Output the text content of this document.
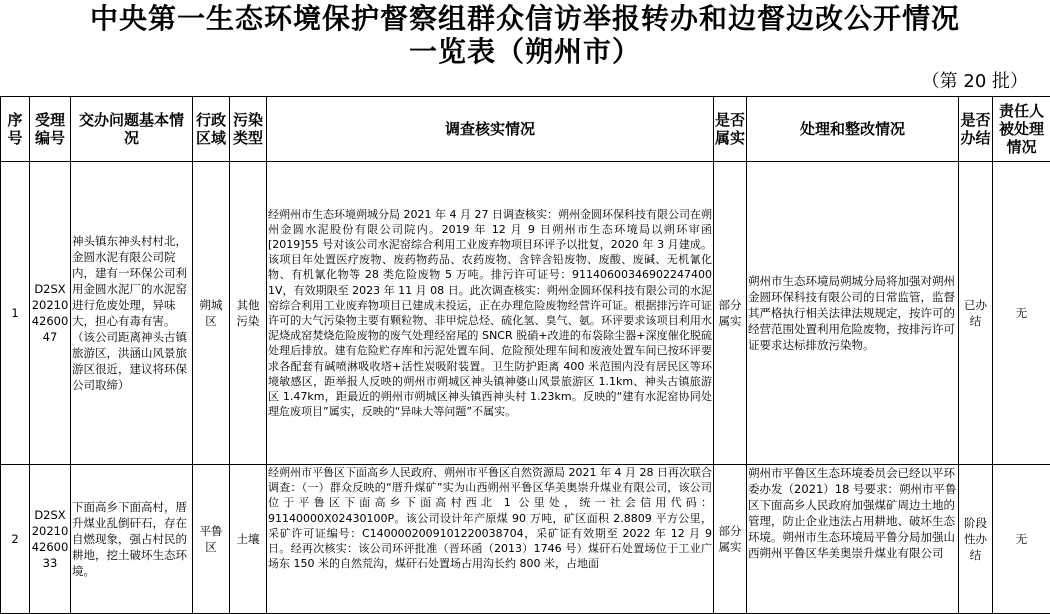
中央第一生态环境保护督察组群众信访举报转办和边督边改公开情况
一览表（朔州市）
（第 20 批）
序号	受理编号	交办问题基本情况	行政区域	污染类型	调查核实情况	是否属实	处理和整改情况	是否办结	责任人被处理情况
1	D2SX202104260047	神头镇东神头村村北，金圆水泥有限公司院内，建有一环保公司利用金圆水泥厂的水泥窑进行危废处理，异味大，担心有毒有害。（该公司距离神头古镇旅游区，洪涵山风景旅游区很近，建议将环保公司取缔）	朔城区	其他污染	经朔州市生态环境朔城分局 2021 年 4 月 27 日调查核实：朔州金圆环保科技有限公司在朔州金圆水泥股份有限公司院内。2019 年 12 月 9 日朔州市生态环境局以朔环审函[2019]55 号对该公司水泥窑综合利用工业废弃物项目环评予以批复，2020 年 3 月建成。该项目年处置医疗废物、废药物药品、农药废物、含锌含铅废物、废酸、废碱、无机氰化物、有机氰化物等 28 类危险废物 5 万吨。排污许可证号：91140600346902247400 1V，有效期限至 2023 年 11 月 08 日。此次调查核实：朔州金圆环保科技有限公司的水泥窑综合利用工业废弃物项目已建成未投运，正在办理危险废物经营许可证。根据排污许可证许可的大气污染物主要有颗粒物、非甲烷总烃、硫化氢、臭气、氨。环评要求该项目利用水泥烧成窑焚烧危险废物的废气处理经窑尾的 SNCR 脱硝+改进的布袋除尘器+深度催化脱硫处理后排放。建有危险贮存库和污泥处置车间、危险预处理车间和废液处置车间已按环评要求各配套有碱喷淋吸收塔+活性炭吸附装置。卫生防护距离 400 米范围内没有居民区等环境敏感区，距举报人反映的朔州市朔城区神头镇神婆山风景旅游区 1.1km、神头古镇旅游区 1.47km，距最近的朔州市朔城区神头镇西神头村 1.23km。反映的“建有水泥窑协同处理危废项目”属实，反映的“异味大等问题”不属实。	部分属实	朔州市生态环境局朔城分局将加强对朔州金圆环保科技有限公司的日常监管，监督其严格执行相关法律法规规定，按许可的经营范围处置利用危险废物，按排污许可证要求达标排放污染物。	已办结	无
2	D2SX202104260033	下面高乡下面高村，厝升煤业乱倒矸石，存在自燃现象，强占村民的耕地，挖土破坏生态环境。	平鲁区	土壤	经朔州市平鲁区下面高乡人民政府、朔州市平鲁区自然资源局 2021 年 4 月 28 日再次联合调查：（一）群众反映的“厝升煤矿”实为山西朔州平鲁区华美奥崇升煤业有限公司，该公司位于平鲁区下面高乡下面高村西北 1 公里处，统一社会信用代码：91140000X02430100P。该公司设计年产原煤 90 万吨，矿区面积 2.8809 平方公里，采矿许可证编号：C1400002009101220038704，采矿证有效期至 2022 年 12 月 9 日。经再次核实：该公司环评批准（晋环函（2013）1746 号）煤矸石处置场位于工业广场东 150 米的自然荒沟，煤矸石处置场占用沟长约 800 米，占地面	部分属实	朔州市平鲁区生态环境委员会已经以平环委办发（2021）18 号要求：朔州市平鲁区下面高乡人民政府加强煤矿周边土地的管理，防止企业违法占用耕地、破坏生态环境。朔州市生态环境局平鲁分局加强山西朔州平鲁区华美奥崇升煤业有限公司	阶段性办结	无
